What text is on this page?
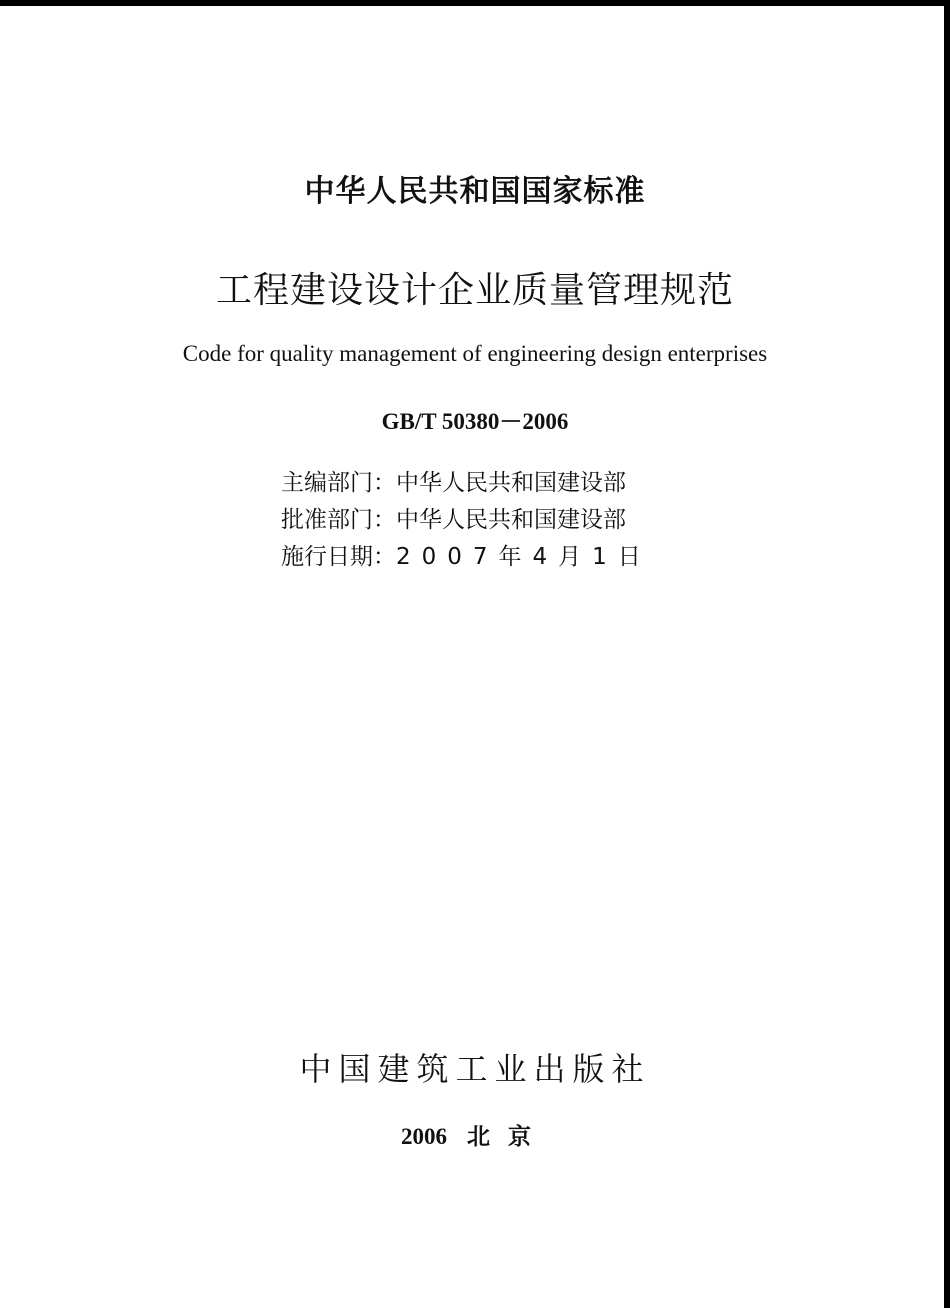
中华人民共和国国家标准
工程建设设计企业质量管理规范
Code for quality management of engineering design enterprises
GB/T 50380－2006
主编部门：中华人民共和国建设部
批准部门：中华人民共和国建设部
施行日期：2007年4月1日
中国建筑工业出版社
2006 北京
